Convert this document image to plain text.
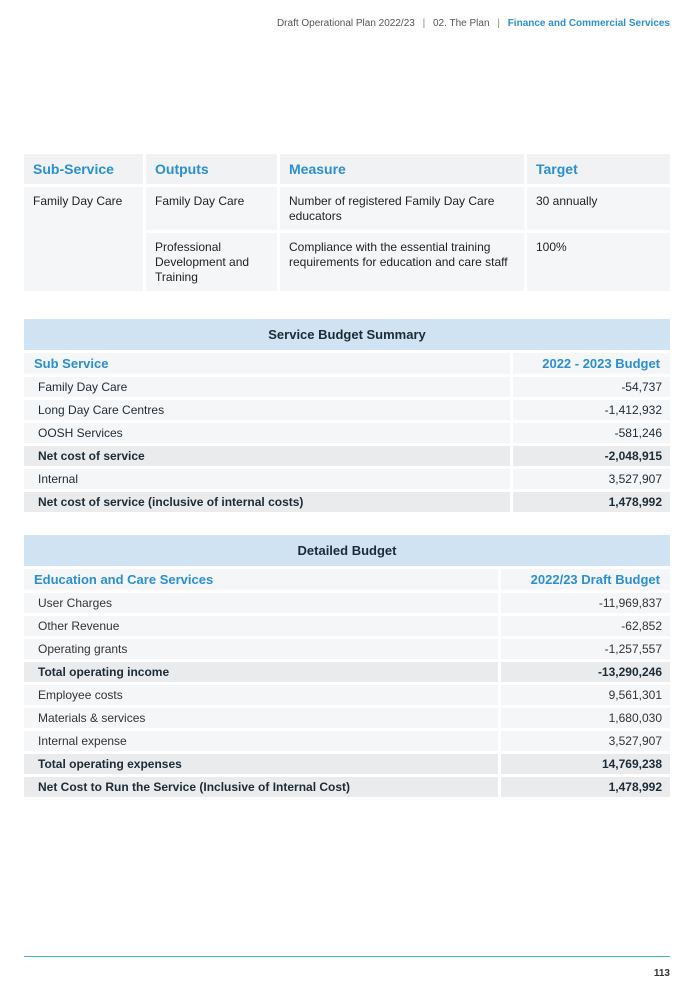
Draft Operational Plan 2022/23 | 02. The Plan | Finance and Commercial Services
Sub-Service	Outputs	Measure	Target
Family Day Care	Family Day Care	Number of registered Family Day Care educators	30 annually
	Professional Development and Training	Compliance with the essential training requirements for education and care staff	100%
Service Budget Summary	
Sub Service	2022 - 2023 Budget
Family Day Care	-54,737
Long Day Care Centres	-1,412,932
OOSH Services	-581,246
Net cost of service	-2,048,915
Internal	3,527,907
Net cost of service (inclusive of internal costs)	1,478,992
Detailed Budget	
Education and Care Services	2022/23 Draft Budget
User Charges	-11,969,837
Other Revenue	-62,852
Operating grants	-1,257,557
Total operating income	-13,290,246
Employee costs	9,561,301
Materials & services	1,680,030
Internal expense	3,527,907
Total operating expenses	14,769,238
Net Cost to Run the Service (Inclusive of Internal Cost)	1,478,992
113
